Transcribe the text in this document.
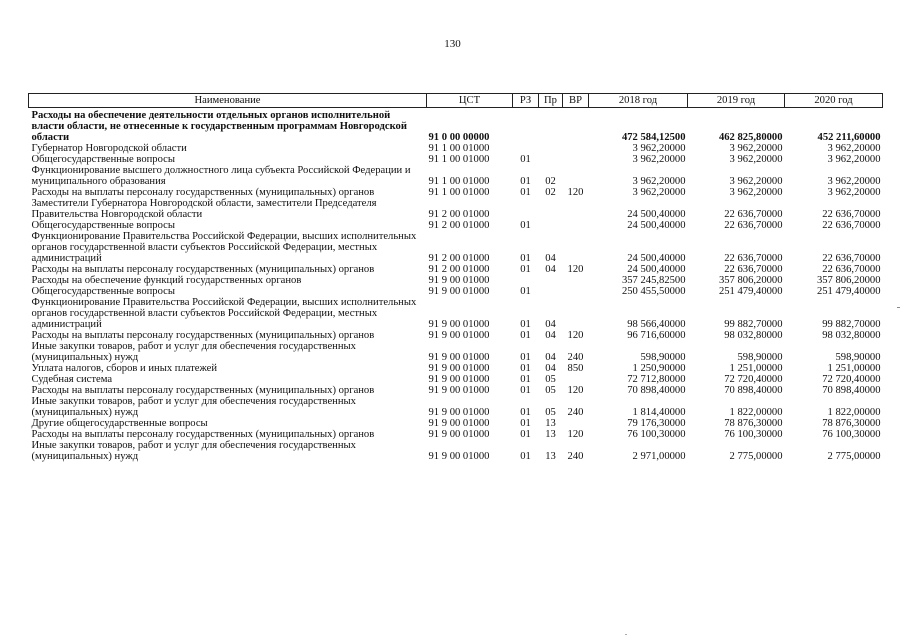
130
Наименование	ЦСТ	РЗ	Пр	ВР	2018 год	2019 год	2020 год
Расходы на обеспечение деятельности отдельных органов исполнительной власти области, не отнесенные к государственным программам Новгородской области	91 0 00 00000				472 584,12500	462 825,80000	452 211,60000
Губернатор Новгородской области	91 1 00 01000				3 962,20000	3 962,20000	3 962,20000
Общегосударственные вопросы	91 1 00 01000	01			3 962,20000	3 962,20000	3 962,20000
Функционирование высшего должностного лица субъекта Российской Федерации и муниципального образования	91 1 00 01000	01	02		3 962,20000	3 962,20000	3 962,20000
Расходы на выплаты персоналу государственных (муниципальных) органов	91 1 00 01000	01	02	120	3 962,20000	3 962,20000	3 962,20000
Заместители Губернатора Новгородской области, заместители Председателя Правительства Новгородской области	91 2 00 01000				24 500,40000	22 636,70000	22 636,70000
Общегосударственные вопросы	91 2 00 01000	01			24 500,40000	22 636,70000	22 636,70000
Функционирование Правительства Российской Федерации, высших исполнительных органов государственной власти субъектов Российской Федерации, местных администраций	91 2 00 01000	01	04		24 500,40000	22 636,70000	22 636,70000
Расходы на выплаты персоналу государственных (муниципальных) органов	91 2 00 01000	01	04	120	24 500,40000	22 636,70000	22 636,70000
Расходы на обеспечение функций государственных органов	91 9 00 01000				357 245,82500	357 806,20000	357 806,20000
Общегосударственные вопросы	91 9 00 01000	01			250 455,50000	251 479,40000	251 479,40000
Функционирование Правительства Российской Федерации, высших исполнительных органов государственной власти субъектов Российской Федерации, местных администраций	91 9 00 01000	01	04		98 566,40000	99 882,70000	99 882,70000
Расходы на выплаты персоналу государственных (муниципальных) органов	91 9 00 01000	01	04	120	96 716,60000	98 032,80000	98 032,80000
Иные закупки товаров, работ и услуг для обеспечения государственных (муниципальных) нужд	91 9 00 01000	01	04	240	598,90000	598,90000	598,90000
Уплата налогов, сборов и иных платежей	91 9 00 01000	01	04	850	1 250,90000	1 251,00000	1 251,00000
Судебная система	91 9 00 01000	01	05		72 712,80000	72 720,40000	72 720,40000
Расходы на выплаты персоналу государственных (муниципальных) органов	91 9 00 01000	01	05	120	70 898,40000	70 898,40000	70 898,40000
Иные закупки товаров, работ и услуг для обеспечения государственных (муниципальных) нужд	91 9 00 01000	01	05	240	1 814,40000	1 822,00000	1 822,00000
Другие общегосударственные вопросы	91 9 00 01000	01	13		79 176,30000	78 876,30000	78 876,30000
Расходы на выплаты персоналу государственных (муниципальных) органов	91 9 00 01000	01	13	120	76 100,30000	76 100,30000	76 100,30000
Иные закупки товаров, работ и услуг для обеспечения государственных (муниципальных) нужд	91 9 00 01000	01	13	240	2 971,00000	2 775,00000	2 775,00000
